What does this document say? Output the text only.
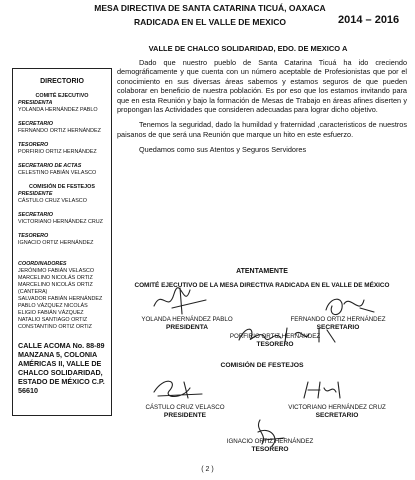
MESA DIRECTIVA DE SANTA CATARINA TICUÁ, OAXACA
RADICADA EN EL VALLE DE MEXICO	2014 – 2016
VALLE DE CHALCO SOLIDARIDAD, EDO. DE MEXICO A
DIRECTORIO
COMITÉ EJECUTIVO
PRESIDENTA
YOLANDA HERNÁNDEZ PABLO
SECRETARIO
FERNANDO ORTIZ HERNÁNDEZ
TESORERO
PORFIRIO ORTIZ HERNÁNDEZ
SECRETARIO DE ACTAS
CELESTINO FABIÁN VELASCO
COMISIÓN DE FESTEJOS
PRESIDENTE
CÁSTULO CRUZ VELASCO
SECRETARIO
VICTORIANO HERNÁNDEZ CRUZ
TESORERO
IGNACIO ORTIZ HERNÁNDEZ
COORDINADORES
JERÓNIMO FABIÁN VELASCO
MARCELINO NICOLÁS ORTIZ
MARCELINO NICOLÁS ORTIZ
(CANTERA)
SALVADOR FABIÁN HERNÁNDEZ
PABLO VÁZQUEZ NICOLÁS
ELIGIO FABIÁN VÁZQUEZ
NATALIO SANTIAGO ORTIZ
CONSTANTINO ORTIZ ORTIZ
CALLE ACOMA No. 88-89 MANZANA 5, COLONIA AMÉRICAS II, VALLE DE CHALCO SOLIDARIDAD, ESTADO DE MÉXICO C.P. 56610

Dado que nuestro pueblo de Santa Catarina Ticuá ha ido creciendo demográficamente y que cuenta con un número aceptable de Profesionistas que por el conocimiento en sus diversas áreas sabemos y estamos seguros de que pueden colaborar en beneficio de nuestra población. Es por eso que los estamos invitando para que en esta Reunión y bajo la formación de Mesas de Trabajo en áreas afines diserten y propongan las Actividades que consideren adecuadas para lograr dicho objetivo.

Tenemos la seguridad, dado la humildad y fraternidad ,caracteristicos de nuestros paisanos de que será una Reunión que marque un hito en este esfuerzo.

Quedamos como sus Atentos y Seguros Servidores

ATENTAMENTE
COMITÉ EJECUTIVO DE LA MESA DIRECTIVA RADICADA EN EL VALLE DE MÉXICO
YOLANDA HERNÁNDEZ PABLO
PRESIDENTA
FERNANDO ORTIZ HERNÁNDEZ
SECRETARIO
PORFIRIO ORTIZ HERNÁNDEZ
TESORERO
COMISIÓN DE FESTEJOS
CÁSTULO CRUZ VELASCO
PRESIDENTE
VICTORIANO HERNÁNDEZ CRUZ
SECRETARIO
IGNACIO ORTIZ HERNÁNDEZ
TESORERO
( 2 )
